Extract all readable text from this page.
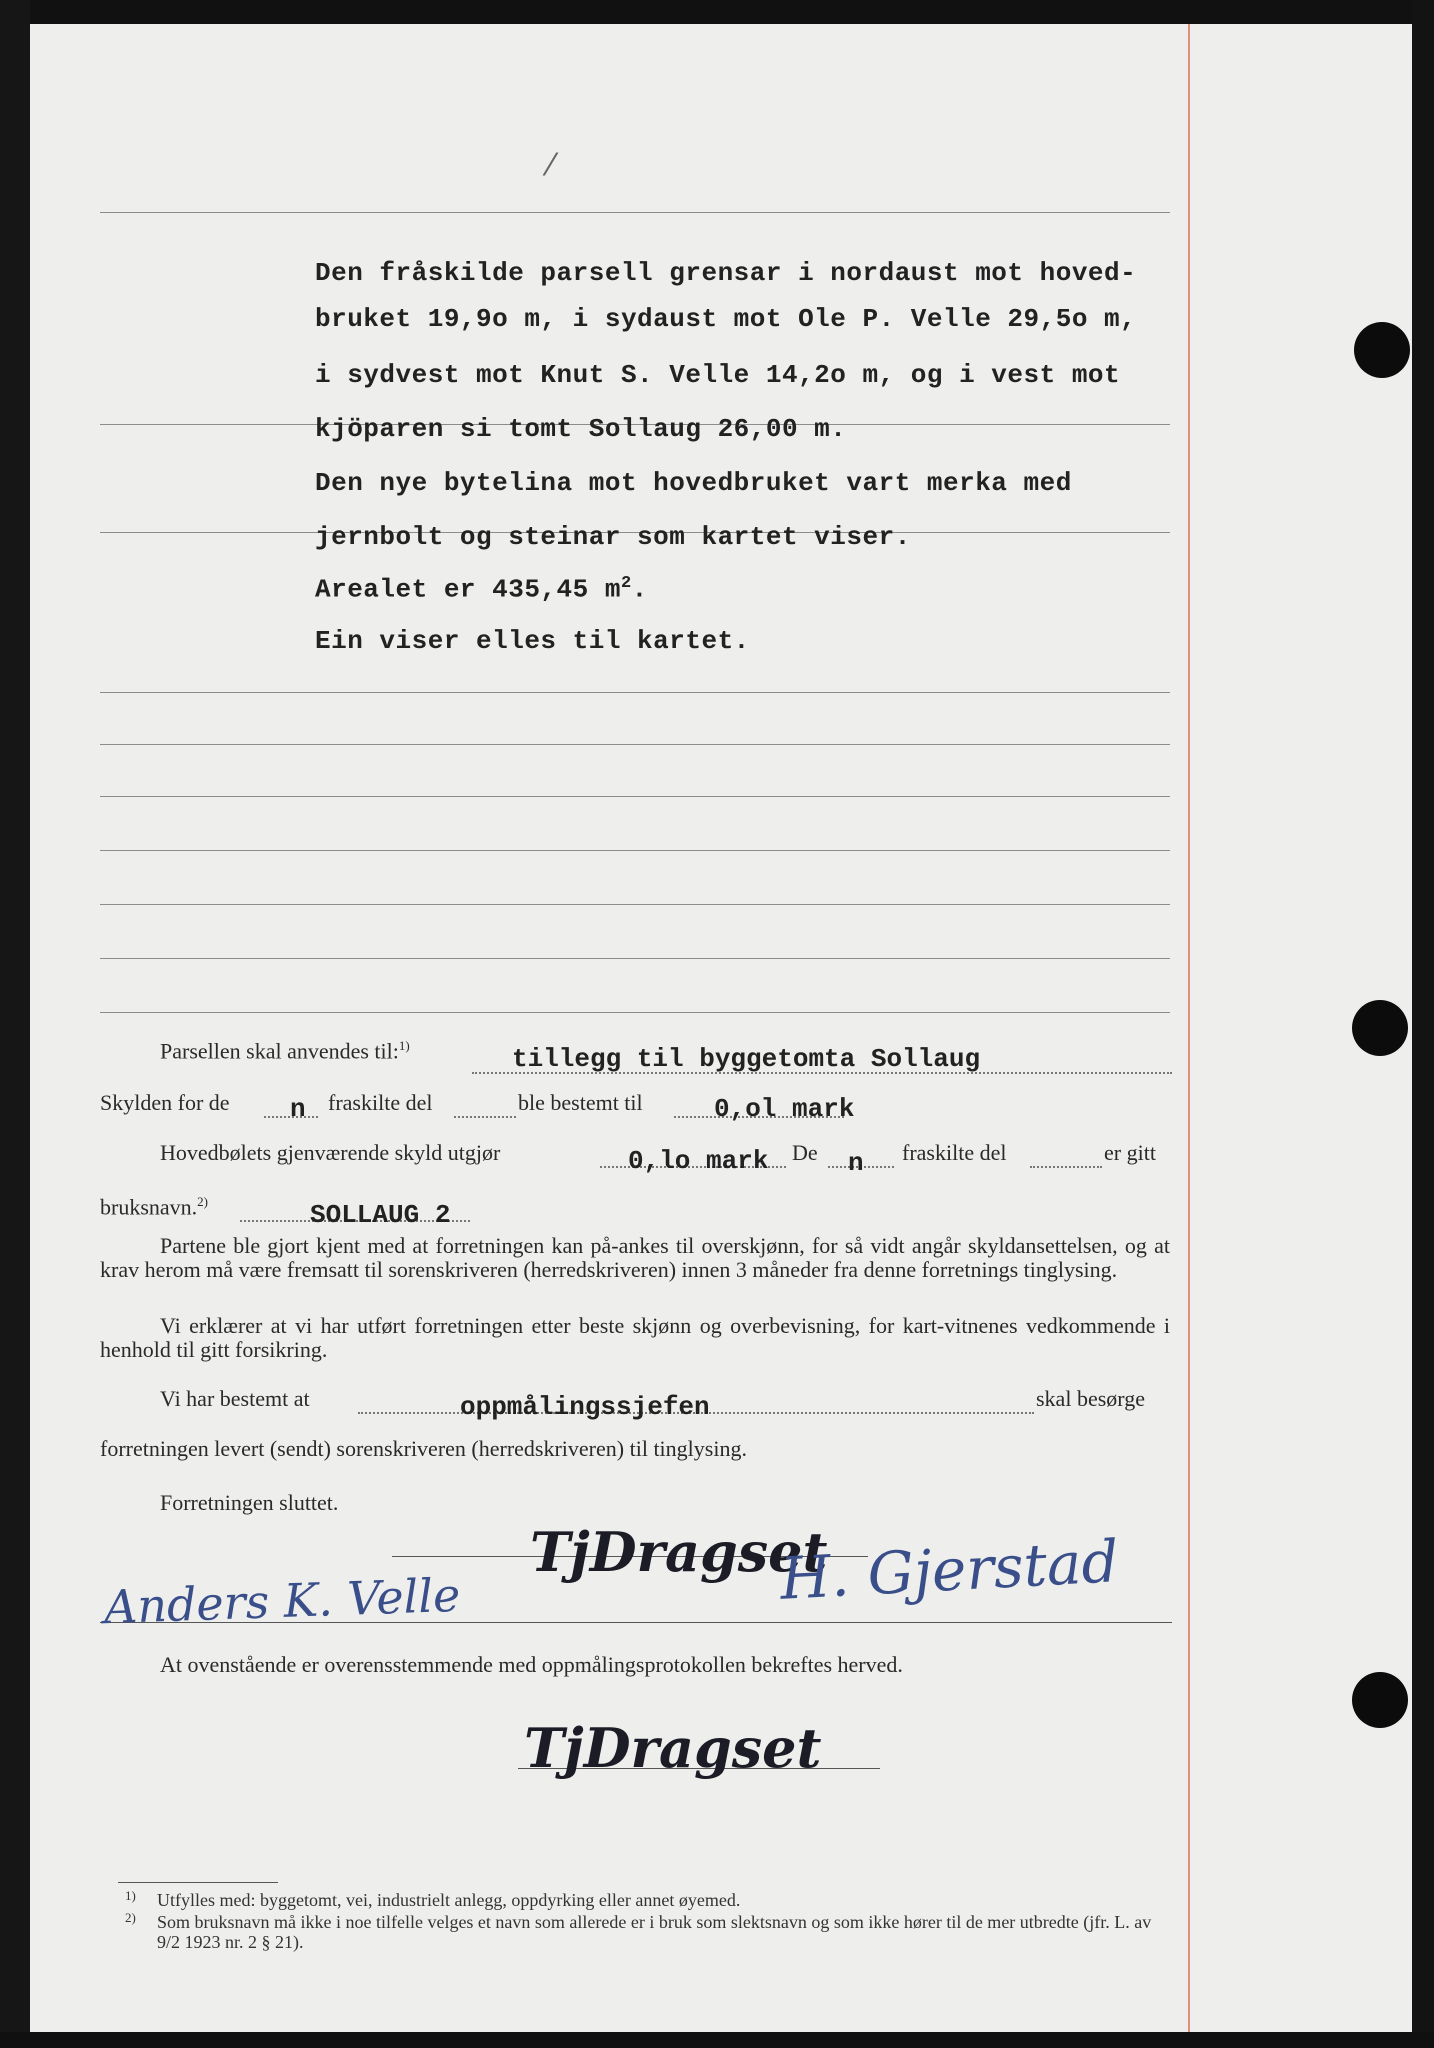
⁄
Den fråskilde parsell grensar i nordaust mot hoved-
bruket 19,9o m, i sydaust mot Ole P. Velle 29,5o m,
i sydvest mot Knut S. Velle 14,2o m, og i vest mot
kjöparen si tomt Sollaug 26,00 m.
Den nye bytelina mot hovedbruket vart merka med
jernbolt og steinar som kartet viser.
Arealet er 435,45 $m^2$.
Ein viser elles til kartet.
Parsellen skal anvendes til:$^{1)}$	tillegg til byggetomta Sollaug
Skylden for de n fraskilte del	ble bestemt til	0,ol mark
Hovedbølets gjenværende skyld utgjør	0,lo mark De n fraskilte del	er gitt
bruksnavn.$^{2)}$	SOLLAUG 2

Partene ble gjort kjent med at forretningen kan på-ankes til overskjønn, for så vidt angår skyldansettelsen, og at krav herom må være fremsatt til sorenskriveren (herredskriveren) innen 3 måneder fra denne forretnings tinglysing.

Vi erklærer at vi har utført forretningen etter beste skjønn og overbevisning, for kart-vitnenes vedkommende i henhold til gitt forsikring.

Vi har bestemt at	oppmålingssjefen	skal besørge
forretningen levert (sendt) sorenskriveren (herredskriveren) til tinglysing.
Forretningen sluttet.
Anders K. Velle
TjDragset
H. Gjerstad
At ovenstående er overensstemmende med oppmålingsprotokollen bekreftes herved.
TjDragset
1) Utfylles med: byggetomt, vei, industrielt anlegg, oppdyrking eller annet øyemed.
2) Som bruksnavn må ikke i noe tilfelle velges et navn som allerede er i bruk som slektsnavn og som ikke hører til de mer utbredte (jfr. L. av 9/2 1923 nr. 2 § 21).
